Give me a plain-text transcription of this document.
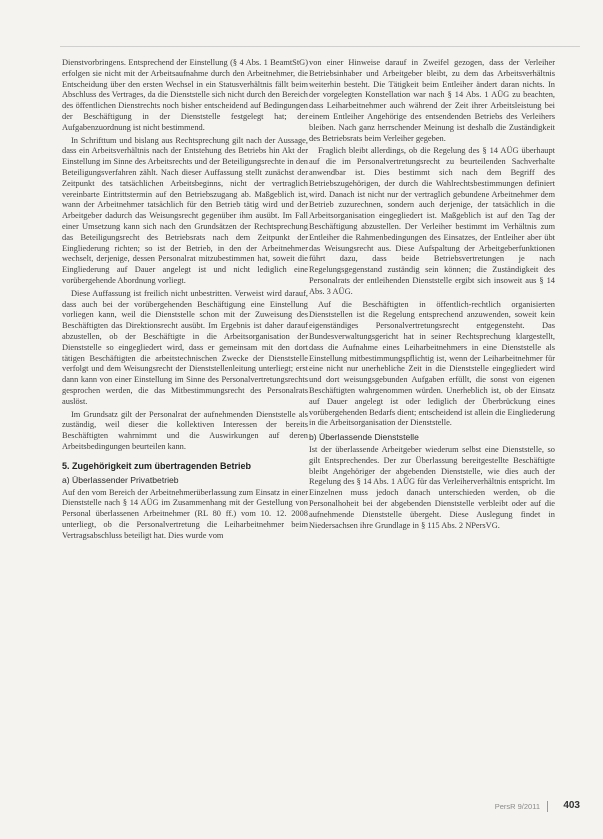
Dienstvorbringens. Entsprechend der Einstellung (§ 4 Abs. 1 BeamtStG) erfolgen sie nicht mit der Arbeitsaufnahme durch den Arbeitnehmer, die Entscheidung über den ersten Wechsel in ein Statusverhältnis fällt beim Abschluss des Vertrages, da die Dienststelle sich nicht durch den Bereich des öffentlichen Dienstrechts noch bisher entscheidend auf Bedingungen der Beschäftigung in der Dienststelle festgelegt hat; der Aufgabenzuordnung ist nicht bestimmend.

In Schrifttum und bislang aus Rechtsprechung gilt nach der Aussage, dass ein Arbeitsverhältnis nach der Entstehung des Betriebs hin Akt der Einstellung im Sinne des Arbeitsrechts und der Beteiligungsrechte in den Beteiligungsverfahren zählt. Nach dieser Auffassung stellt zunächst der Zeitpunkt des tatsächlichen Arbeitsbeginns, nicht der vertraglich vereinbarte Eintrittstermin auf den Betriebszugang ab. Maßgeblich ist, wann der Arbeitnehmer tatsächlich für den Betrieb tätig wird und der Arbeitgeber dadurch das Weisungsrecht gegenüber ihm ausübt. Im Fall einer Umsetzung kann sich nach den Grundsätzen der Rechtsprechung das Beteiligungsrecht des Betriebsrats nach dem Zeitpunkt der Eingliederung richten; so ist der Betrieb, in den der Arbeitnehmer wechselt, derjenige, dessen Personalrat mitzubestimmen hat, soweit die Eingliederung auf Dauer angelegt ist und nicht lediglich eine vorübergehende Abordnung vorliegt.

Diese Auffassung ist freilich nicht unbestritten. Verweist wird darauf, dass auch bei der vorübergehenden Beschäftigung eine Einstellung vorliegen kann, weil die Dienststelle schon mit der Zuweisung des Beschäftigten das Direktionsrecht ausübt. Im Ergebnis ist daher darauf abzustellen, ob der Beschäftigte in die Arbeitsorganisation der Dienststelle so eingegliedert wird, dass er gemeinsam mit den dort tätigen Beschäftigten die arbeitstechnischen Zwecke der Dienststelle verfolgt und dem Weisungsrecht der Dienststellenleitung unterliegt; erst dann kann von einer Einstellung im Sinne des Personalvertretungsrechts gesprochen werden, die das Mitbestimmungsrecht des Personalrats auslöst.

Im Grundsatz gilt der Personalrat der aufnehmenden Dienststelle als zuständig, weil dieser die kollektiven Interessen der bereits Beschäftigten wahrnimmt und die Auswirkungen auf deren Arbeitsbedingungen beurteilen kann.

5. Zugehörigkeit zum übertragenden Betrieb
a) Überlassender Privatbetrieb

Auf den vom Bereich der Arbeitnehmerüberlassung zum Einsatz in einer Dienststelle nach § 14 AÜG im Zusammenhang mit der Gestellung von Personal überlassenen Arbeitnehmer (RL 80 ff.) vom 10. 12. 2008 unterliegt, ob die Personalvertretung die Leiharbeitnehmer beim Vertragsabschluss beteiligt hat. Dies wurde vom

von einer Hinweise darauf in Zweifel gezogen, dass der Verleiher Betriebsinhaber und Arbeitgeber bleibt, zu dem das Arbeitsverhältnis weiterhin besteht. Die Tätigkeit beim Entleiher ändert daran nichts. In der vorgelegten Konstellation war nach § 14 Abs. 1 AÜG zu beachten, dass Leiharbeitnehmer auch während der Zeit ihrer Arbeitsleistung bei einem Entleiher Angehörige des entsendenden Betriebs des Verleihers bleiben. Nach ganz herrschender Meinung ist deshalb die Zuständigkeit des Betriebsrats beim Verleiher gegeben.

Fraglich bleibt allerdings, ob die Regelung des § 14 AÜG überhaupt auf die im Personalvertretungsrecht zu beurteilenden Sachverhalte anwendbar ist. Dies bestimmt sich nach dem Begriff des Betriebszugehörigen, der durch die Wahlrechtsbestimmungen definiert wird. Danach ist nicht nur der vertraglich gebundene Arbeitnehmer dem Betrieb zuzurechnen, sondern auch derjenige, der tatsächlich in die Arbeitsorganisation eingegliedert ist. Maßgeblich ist auf den Tag der Beschäftigung abzustellen. Der Verleiher bestimmt im Verhältnis zum Entleiher die Rahmenbedingungen des Einsatzes, der Entleiher aber übt das Weisungsrecht aus. Diese Aufspaltung der Arbeitgeberfunktionen führt dazu, dass beide Betriebsvertretungen je nach Regelungsgegenstand zuständig sein können; die Zuständigkeit des Personalrats der entleihenden Dienststelle ergibt sich insoweit aus § 14 Abs. 3 AÜG.

Auf die Beschäftigten in öffentlich-rechtlich organisierten Dienststellen ist die Regelung entsprechend anzuwenden, soweit kein eigenständiges Personalvertretungsrecht entgegensteht. Das Bundesverwaltungsgericht hat in seiner Rechtsprechung klargestellt, dass die Aufnahme eines Leiharbeitnehmers in eine Dienststelle als Einstellung mitbestimmungspflichtig ist, wenn der Leiharbeitnehmer für eine nicht nur unerhebliche Zeit in die Dienststelle eingegliedert wird und dort weisungsgebunden Aufgaben erfüllt, die sonst von eigenen Beschäftigten wahrgenommen würden. Unerheblich ist, ob der Einsatz auf Dauer angelegt ist oder lediglich der Überbrückung eines vorübergehenden Bedarfs dient; entscheidend ist allein die Eingliederung in die Arbeitsorganisation der Dienststelle.

b) Überlassende Dienststelle

Ist der überlassende Arbeitgeber wiederum selbst eine Dienststelle, so gilt Entsprechendes. Der zur Überlassung bereitgestellte Beschäftigte bleibt Angehöriger der abgebenden Dienststelle, wie dies auch der Regelung des § 14 Abs. 1 AÜG für das Verleiherverhältnis entspricht. Im Einzelnen muss jedoch danach unterschieden werden, ob die Personalhoheit bei der abgebenden Dienststelle verbleibt oder auf die aufnehmende Dienststelle übergeht. Diese Auslegung findet in Niedersachsen ihre Grundlage in § 115 Abs. 2 NPersVG.

PersR 9/2011 403
